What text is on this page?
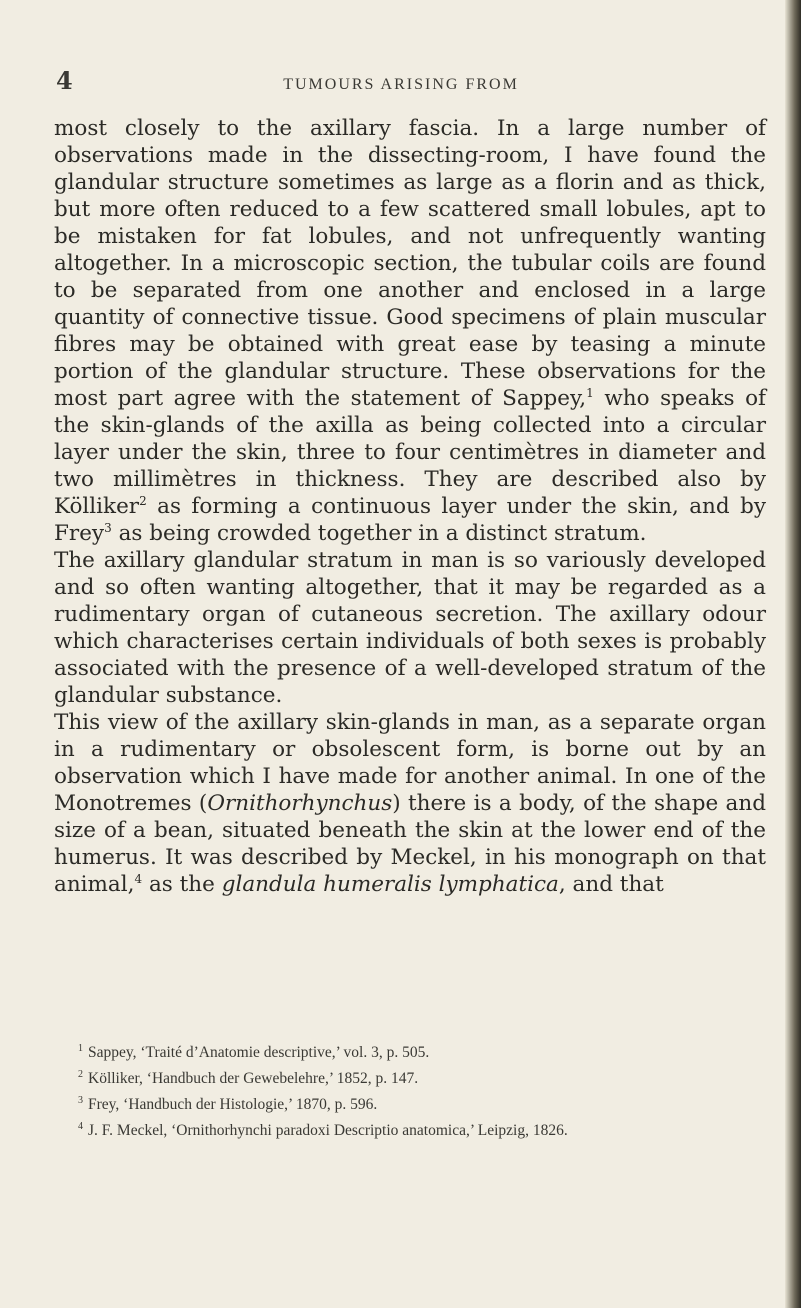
4	TUMOURS ARISING FROM

most closely to the axillary fascia. In a large number of observations made in the dissecting-room, I have found the glandular structure sometimes as large as a florin and as thick, but more often reduced to a few scattered small lobules, apt to be mistaken for fat lobules, and not unfrequently wanting altogether. In a microscopic section, the tubular coils are found to be separated from one another and enclosed in a large quantity of connective tissue. Good specimens of plain muscular fibres may be obtained with great ease by teasing a minute portion of the glandular structure. These observations for the most part agree with the statement of Sappey,$^1$ who speaks of the skin-glands of the axilla as being collected into a circular layer under the skin, three to four centimètres in diameter and two millimètres in thickness. They are described also by Kölliker$^2$ as forming a continuous layer under the skin, and by Frey$^3$ as being crowded together in a distinct stratum.

The axillary glandular stratum in man is so variously developed and so often wanting altogether, that it may be regarded as a rudimentary organ of cutaneous secretion. The axillary odour which characterises certain individuals of both sexes is probably associated with the presence of a well-developed stratum of the glandular substance.

This view of the axillary skin-glands in man, as a separate organ in a rudimentary or obsolescent form, is borne out by an observation which I have made for another animal. In one of the Monotremes (Ornithorhynchus) there is a body, of the shape and size of a bean, situated beneath the skin at the lower end of the humerus. It was described by Meckel, in his monograph on that animal,$^4$ as the glandula humeralis lymphatica, and that

$^1$ Sappey, ‘Traité d’Anatomie descriptive,’ vol. 3, p. 505.

$^2$ Kölliker, ‘Handbuch der Gewebelehre,’ 1852, p. 147.

$^3$ Frey, ‘Handbuch der Histologie,’ 1870, p. 596.

$^4$ J. F. Meckel, ‘Ornithorhynchi paradoxi Descriptio anatomica,’ Leipzig, 1826.
